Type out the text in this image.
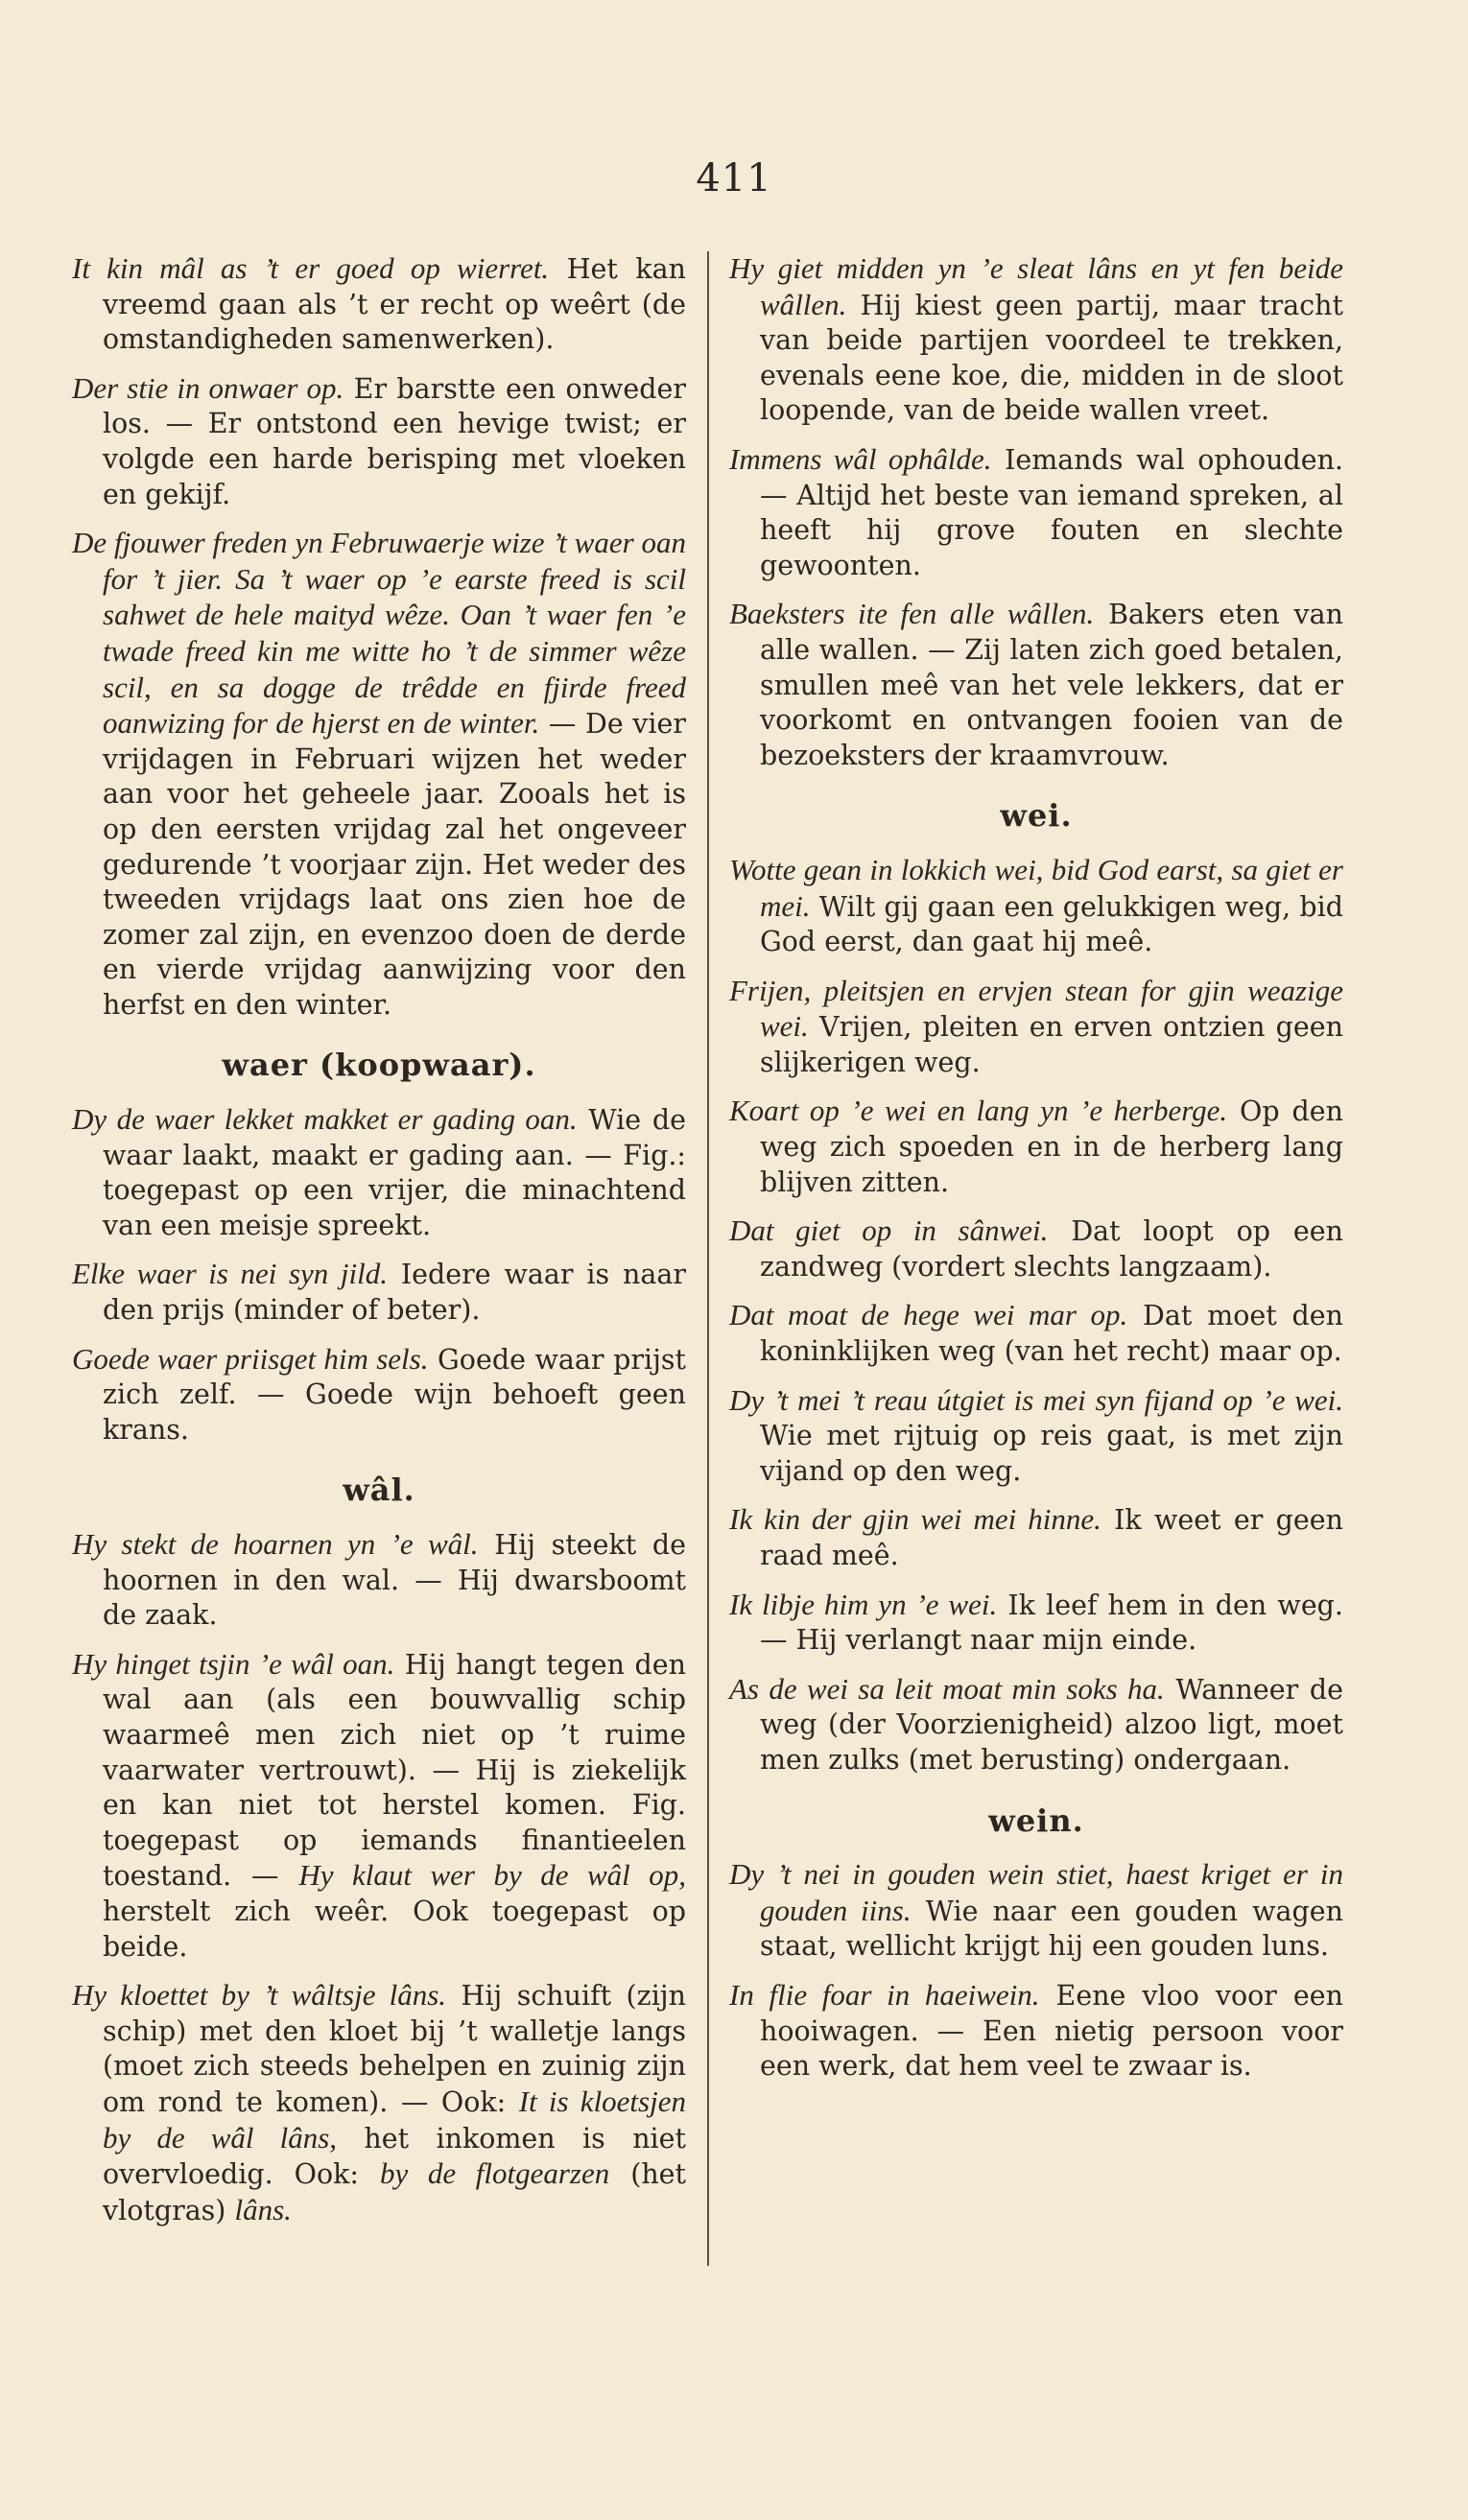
411
It kin mâl as ’t er goed op wierret. Het kan vreemd gaan als ’t er recht op weêrt (de omstandigheden samenwerken).
Der stie in onwaer op. Er barstte een onweder los. — Er ontstond een hevige twist; er volgde een harde berisping met vloeken en gekijf.
De fjouwer freden yn Februwaerje wize ’t waer oan for ’t jier. Sa ’t waer op ’e earste freed is scil sahwet de hele maityd wêze. Oan ’t waer fen ’e twade freed kin me witte ho ’t de simmer wêze scil, en sa dogge de trêdde en fjirde freed oanwizing for de hjerst en de winter. — De vier vrijdagen in Februari wijzen het weder aan voor het geheele jaar. Zooals het is op den eersten vrijdag zal het ongeveer gedurende ’t voorjaar zijn. Het weder des tweeden vrijdags laat ons zien hoe de zomer zal zijn, en evenzoo doen de derde en vierde vrijdag aanwijzing voor den herfst en den winter.
waer (koopwaar).
Dy de waer lekket makket er gading oan. Wie de waar laakt, maakt er gading aan. — Fig.: toegepast op een vrijer, die minachtend van een meisje spreekt.
Elke waer is nei syn jild. Iedere waar is naar den prijs (minder of beter).
Goede waer priisget him sels. Goede waar prijst zich zelf. — Goede wijn behoeft geen krans.
wâl.
Hy stekt de hoarnen yn ’e wâl. Hij steekt de hoornen in den wal. — Hij dwarsboomt de zaak.
Hy hinget tsjin ’e wâl oan. Hij hangt tegen den wal aan (als een bouwvallig schip waarmeê men zich niet op ’t ruime vaarwater vertrouwt). — Hij is ziekelijk en kan niet tot herstel komen. Fig. toegepast op iemands finantieelen toestand. — Hy klaut wer by de wâl op, herstelt zich weêr. Ook toegepast op beide.
Hy kloettet by ’t wâltsje lâns. Hij schuift (zijn schip) met den kloet bij ’t walletje langs (moet zich steeds behelpen en zuinig zijn om rond te komen). — Ook: It is kloetsjen by de wâl lâns, het inkomen is niet overvloedig. Ook: by de flotgearzen (het vlotgras) lâns.
Hy giet midden yn ’e sleat lâns en yt fen beide wâllen. Hij kiest geen partij, maar tracht van beide partijen voordeel te trekken, evenals eene koe, die, midden in de sloot loopende, van de beide wallen vreet.
Immens wâl ophâlde. Iemands wal ophouden. — Altijd het beste van iemand spreken, al heeft hij grove fouten en slechte gewoonten.
Baeksters ite fen alle wâllen. Bakers eten van alle wallen. — Zij laten zich goed betalen, smullen meê van het vele lekkers, dat er voorkomt en ontvangen fooien van de bezoeksters der kraamvrouw.
wei.
Wotte gean in lokkich wei, bid God earst, sa giet er mei. Wilt gij gaan een gelukkigen weg, bid God eerst, dan gaat hij meê.
Frijen, pleitsjen en ervjen stean for gjin weazige wei. Vrijen, pleiten en erven ontzien geen slijkerigen weg.
Koart op ’e wei en lang yn ’e herberge. Op den weg zich spoeden en in de herberg lang blijven zitten.
Dat giet op in sânwei. Dat loopt op een zandweg (vordert slechts langzaam).
Dat moat de hege wei mar op. Dat moet den koninklijken weg (van het recht) maar op.
Dy ’t mei ’t reau útgiet is mei syn fijand op ’e wei. Wie met rijtuig op reis gaat, is met zijn vijand op den weg.
Ik kin der gjin wei mei hinne. Ik weet er geen raad meê.
Ik libje him yn ’e wei. Ik leef hem in den weg. — Hij verlangt naar mijn einde.
As de wei sa leit moat min soks ha. Wanneer de weg (der Voorzienigheid) alzoo ligt, moet men zulks (met berusting) ondergaan.
wein.
Dy ’t nei in gouden wein stiet, haest kriget er in gouden iins. Wie naar een gouden wagen staat, wellicht krijgt hij een gouden luns.
In flie foar in haeiwein. Eene vloo voor een hooiwagen. — Een nietig persoon voor een werk, dat hem veel te zwaar is.
